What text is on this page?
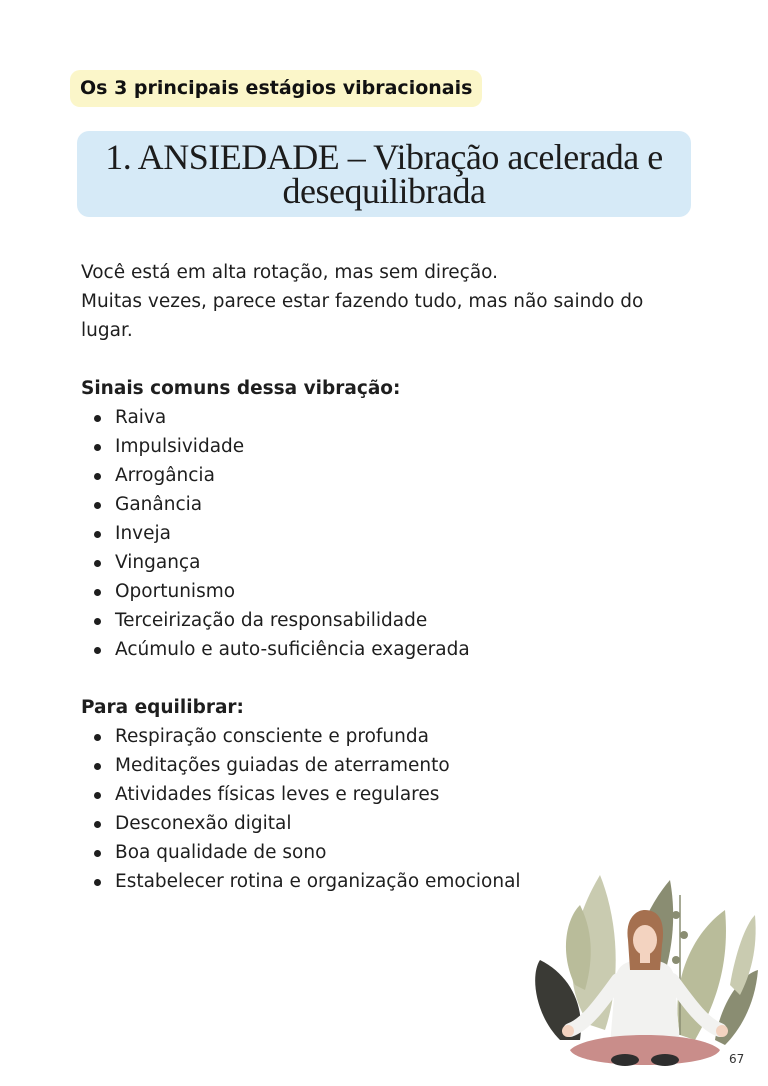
Os 3 principais estágios vibracionais
1. ANSIEDADE – Vibração acelerada e
desequilibrada

Você está em alta rotação, mas sem direção.

Muitas vezes, parece estar fazendo tudo, mas não saindo do

lugar.

Sinais comuns dessa vibração:

Raiva
Impulsividade
Arrogância
Ganância
Inveja
Vingança
Oportunismo
Terceirização da responsabilidade
Acúmulo e auto-suficiência exagerada

Para equilibrar:

Respiração consciente e profunda
Meditações guiadas de aterramento
Atividades físicas leves e regulares
Desconexão digital
Boa qualidade de sono
Estabelecer rotina e organização emocional
67
